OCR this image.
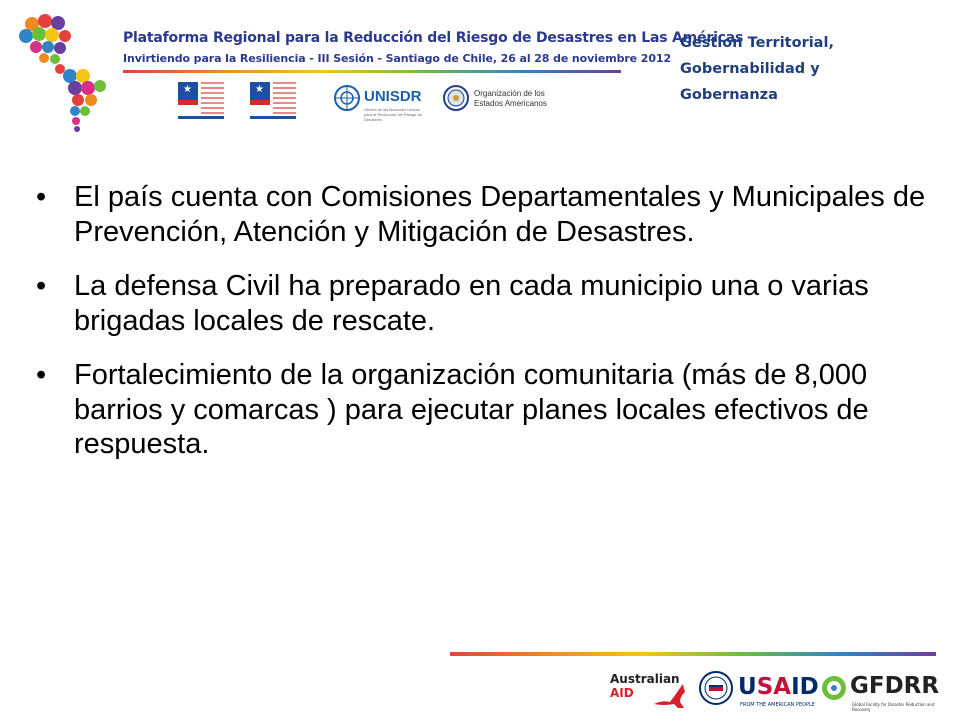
Plataforma Regional para la Reducción del Riesgo de Desastres en Las Américas
Invirtiendo para la Resiliencia - III Sesión - Santiago de Chile, 26 al 28 de noviembre 2012
★	★	UNISDR
Oficina de las Naciones Unidas para la Reducción del Riesgo de Desastres
Organización de los Estados Americanos
Gestion Territorial,
Gobernabilidad y
Gobernanza
• El país cuenta con Comisiones Departamentales y Municipales de Prevención, Atención y Mitigación de Desastres.
• La defensa Civil ha preparado en cada municipio una o varias brigadas locales de rescate.
• Fortalecimiento de la organización comunitaria (más de 8,000 barrios y comarcas ) para ejecutar planes locales efectivos de respuesta.
Australian
AID	USAID
FROM THE AMERICAN PEOPLE
GFDRR
Global Facility for Disaster Reduction and Recovery
